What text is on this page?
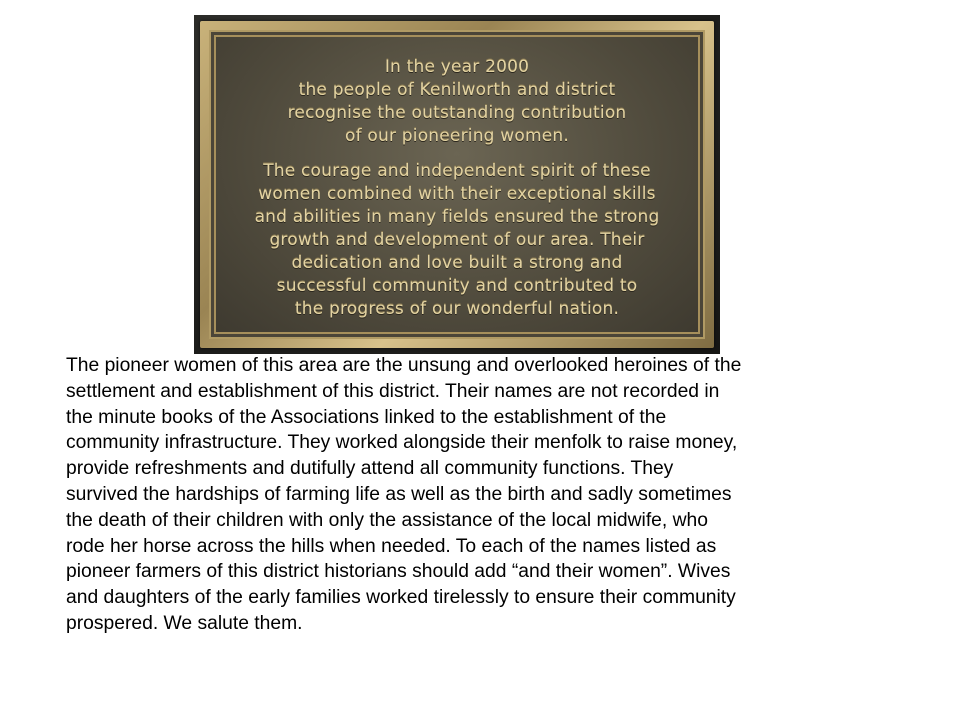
In the year 2000
the people of Kenilworth and district
recognise the outstanding contribution
of our pioneering women.
The courage and independent spirit of these
women combined with their exceptional skills
and abilities in many fields ensured the strong
growth and development of our area. Their
dedication and love built a strong and
successful community and contributed to
the progress of our wonderful nation.

The pioneer women of this area are the unsung and overlooked heroines of the
settlement and establishment of this district. Their names are not recorded in
the minute books of the Associations linked to the establishment of the
community infrastructure. They worked alongside their menfolk to raise money,
provide refreshments and dutifully attend all community functions. They
survived the hardships of farming life as well as the birth and sadly sometimes
the death of their children with only the assistance of the local midwife, who
rode her horse across the hills when needed. To each of the names listed as
pioneer farmers of this district historians should add “and their women”. Wives
and daughters of the early families worked tirelessly to ensure their community
prospered. We salute them.
